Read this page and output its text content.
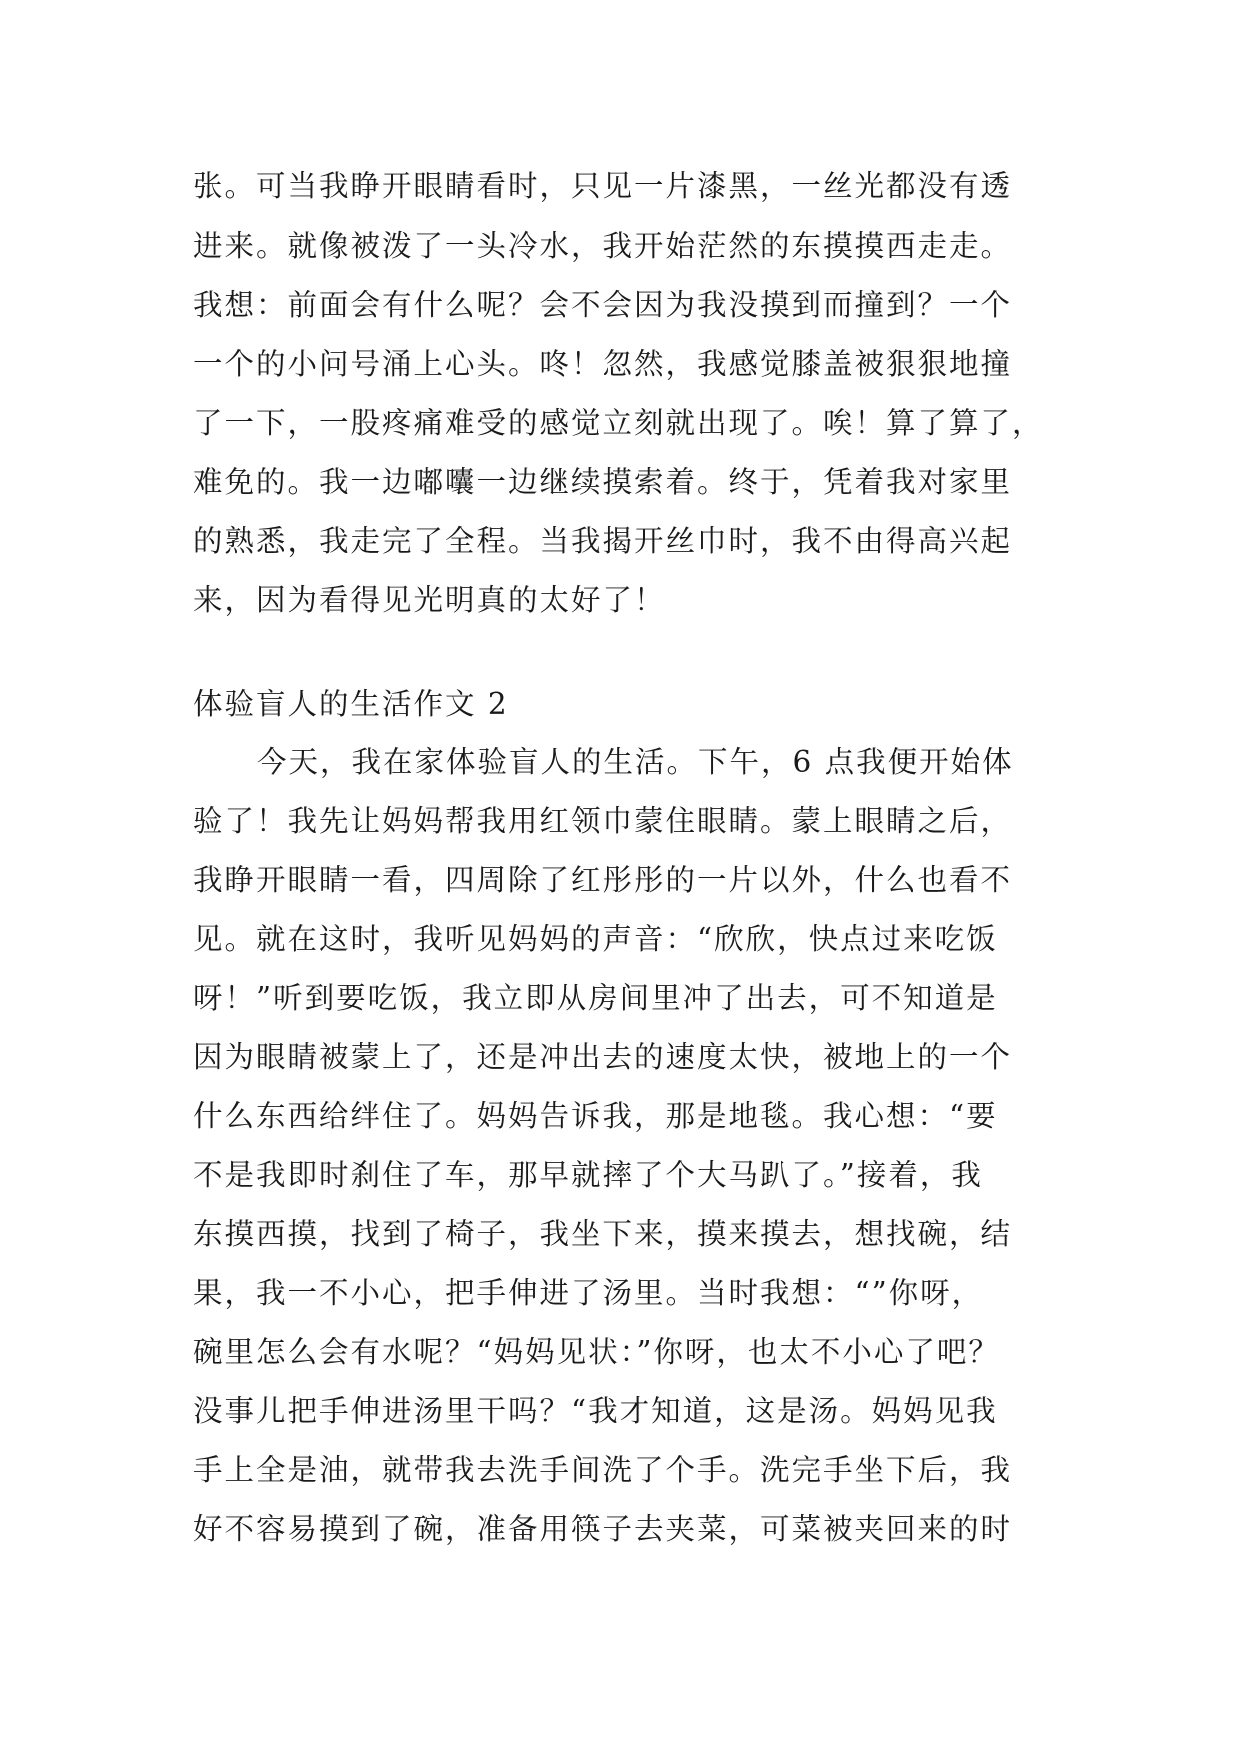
张。可当我睁开眼睛看时，只见一片漆黑，一丝光都没有透
进来。就像被泼了一头冷水，我开始茫然的东摸摸西走走。
我想：前面会有什么呢？会不会因为我没摸到而撞到？一个
一个的小问号涌上心头。咚！忽然，我感觉膝盖被狠狠地撞
了一下，一股疼痛难受的感觉立刻就出现了。唉！算了算了，
难免的。我一边嘟囔一边继续摸索着。终于，凭着我对家里
的熟悉，我走完了全程。当我揭开丝巾时，我不由得高兴起
来，因为看得见光明真的太好了！
体验盲人的生活作文 2
今天，我在家体验盲人的生活。下午，6 点我便开始体
验了！我先让妈妈帮我用红领巾蒙住眼睛。蒙上眼睛之后，
我睁开眼睛一看，四周除了红彤彤的一片以外，什么也看不
见。就在这时，我听见妈妈的声音：“欣欣，快点过来吃饭
呀！”听到要吃饭，我立即从房间里冲了出去，可不知道是
因为眼睛被蒙上了，还是冲出去的速度太快，被地上的一个
什么东西给绊住了。妈妈告诉我，那是地毯。我心想：“要
不是我即时刹住了车，那早就摔了个大马趴了。”接着，我
东摸西摸，找到了椅子，我坐下来，摸来摸去，想找碗，结
果，我一不小心，把手伸进了汤里。当时我想：“”你呀，
碗里怎么会有水呢？“妈妈见状：”你呀，也太不小心了吧？
没事儿把手伸进汤里干吗？“我才知道，这是汤。妈妈见我
手上全是油，就带我去洗手间洗了个手。洗完手坐下后，我
好不容易摸到了碗，准备用筷子去夹菜，可菜被夹回来的时
